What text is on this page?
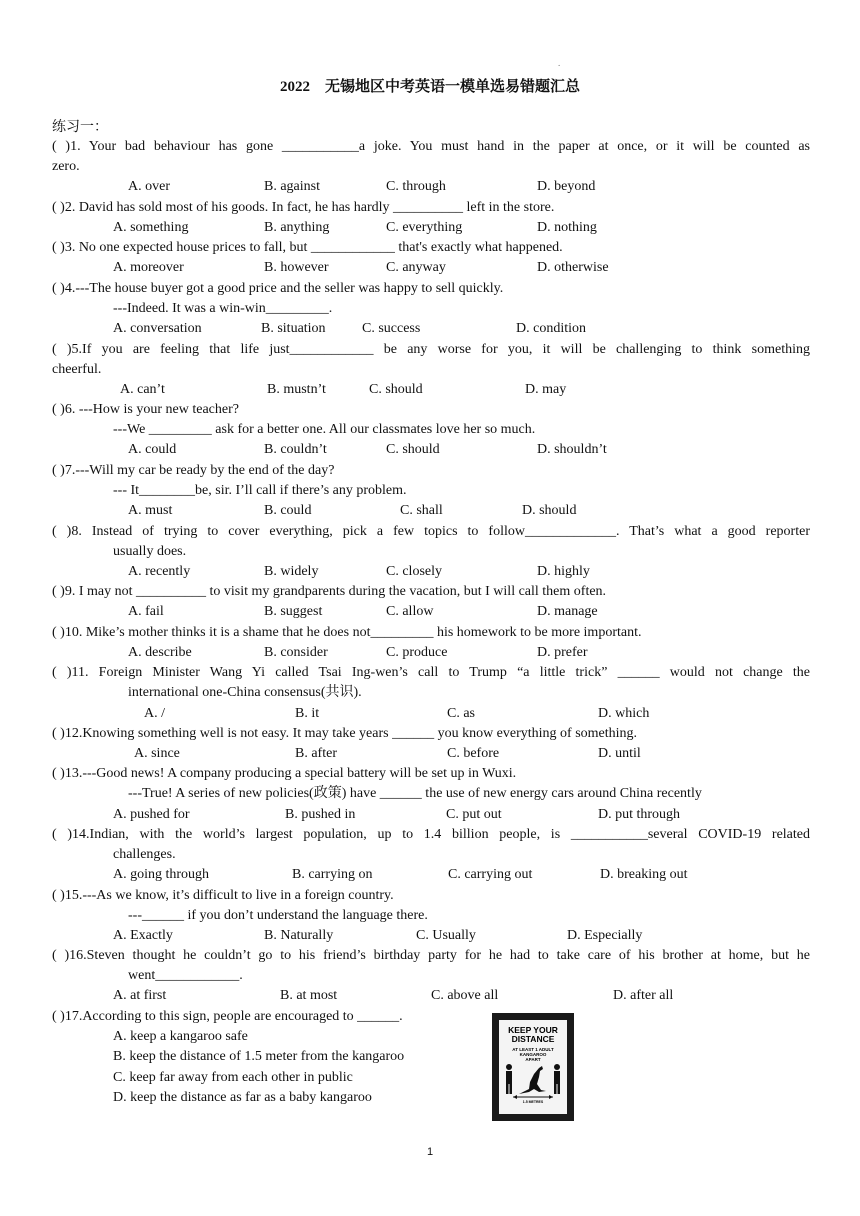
.
2022　无锡地区中考英语一模单选易错题汇总
练习一：
( )1. Your bad behaviour has gone ___________a joke. You must hand in the paper at once, or it will be counted as
zero.
A. over	B. against	C. through	D. beyond
( )2. David has sold most of his goods. In fact, he has hardly __________ left in the store.
A. something	B. anything	C. everything	D. nothing
( )3. No one expected house prices to fall, but ____________ that's exactly what happened.
A. moreover	B. however	C. anyway	D. otherwise
( )4.---The house buyer got a good price and the seller was happy to sell quickly.
---Indeed. It was a win-win_________.
A. conversation	B. situation	C. success	D. condition
( )5.If you are feeling that life just____________ be any worse for you, it will be challenging to think something
cheerful.
A. can’t	B. mustn’t	C. should	D. may
( )6. ---How is your new teacher?
---We _________ ask for a better one. All our classmates love her so much.
A. could	B. couldn’t	C. should	D. shouldn’t
( )7.---Will my car be ready by the end of the day?
--- It________be, sir. I’ll call if there’s any problem.
A. must	B. could	C. shall	D. should
( )8. Instead of trying to cover everything, pick a few topics to follow_____________. That’s what a good reporter
usually does.
A. recently	B. widely	C. closely	D. highly
( )9. I may not __________ to visit my grandparents during the vacation, but I will call them often.
A. fail	B. suggest	C. allow	D. manage
( )10. Mike’s mother thinks it is a shame that he does not_________ his homework to be more important.
A. describe	B. consider	C. produce	D. prefer
( )11. Foreign Minister Wang Yi called Tsai Ing-wen’s call to Trump “a little trick” ______ would not change the
international one-China consensus(共识).
A. /	B. it	C. as	D. which
( )12.Knowing something well is not easy. It may take years ______ you know everything of something.
A. since	B. after	C. before	D. until
( )13.---Good news! A company producing a special battery will be set up in Wuxi.
---True! A series of new policies(政策) have ______ the use of new energy cars around China recently
A. pushed for	B. pushed in	C. put out	D. put through
( )14.Indian, with the world’s largest population, up to 1.4 billion people, is ___________several COVID-19 related
challenges.
A. going through	B. carrying on	C. carrying out	D. breaking out
( )15.---As we know, it’s difficult to live in a foreign country.
---______ if you don’t understand the language there.
A. Exactly	B. Naturally	C. Usually	D. Especially
( )16.Steven thought he couldn’t go to his friend’s birthday party for he had to take care of his brother at home, but he
went____________.
A. at first	B. at most	C. above all	D. after all
( )17.According to this sign, people are encouraged to ______.
A. keep a kangaroo safe
B. keep the distance of 1.5 meter from the kangaroo
C. keep far away from each other in public
D. keep the distance as far as a baby kangaroo
KEEP YOUR
DISTANCE
AT LEAST 1 ADULT
KANGAROO
APART
1.5 METRES
1
